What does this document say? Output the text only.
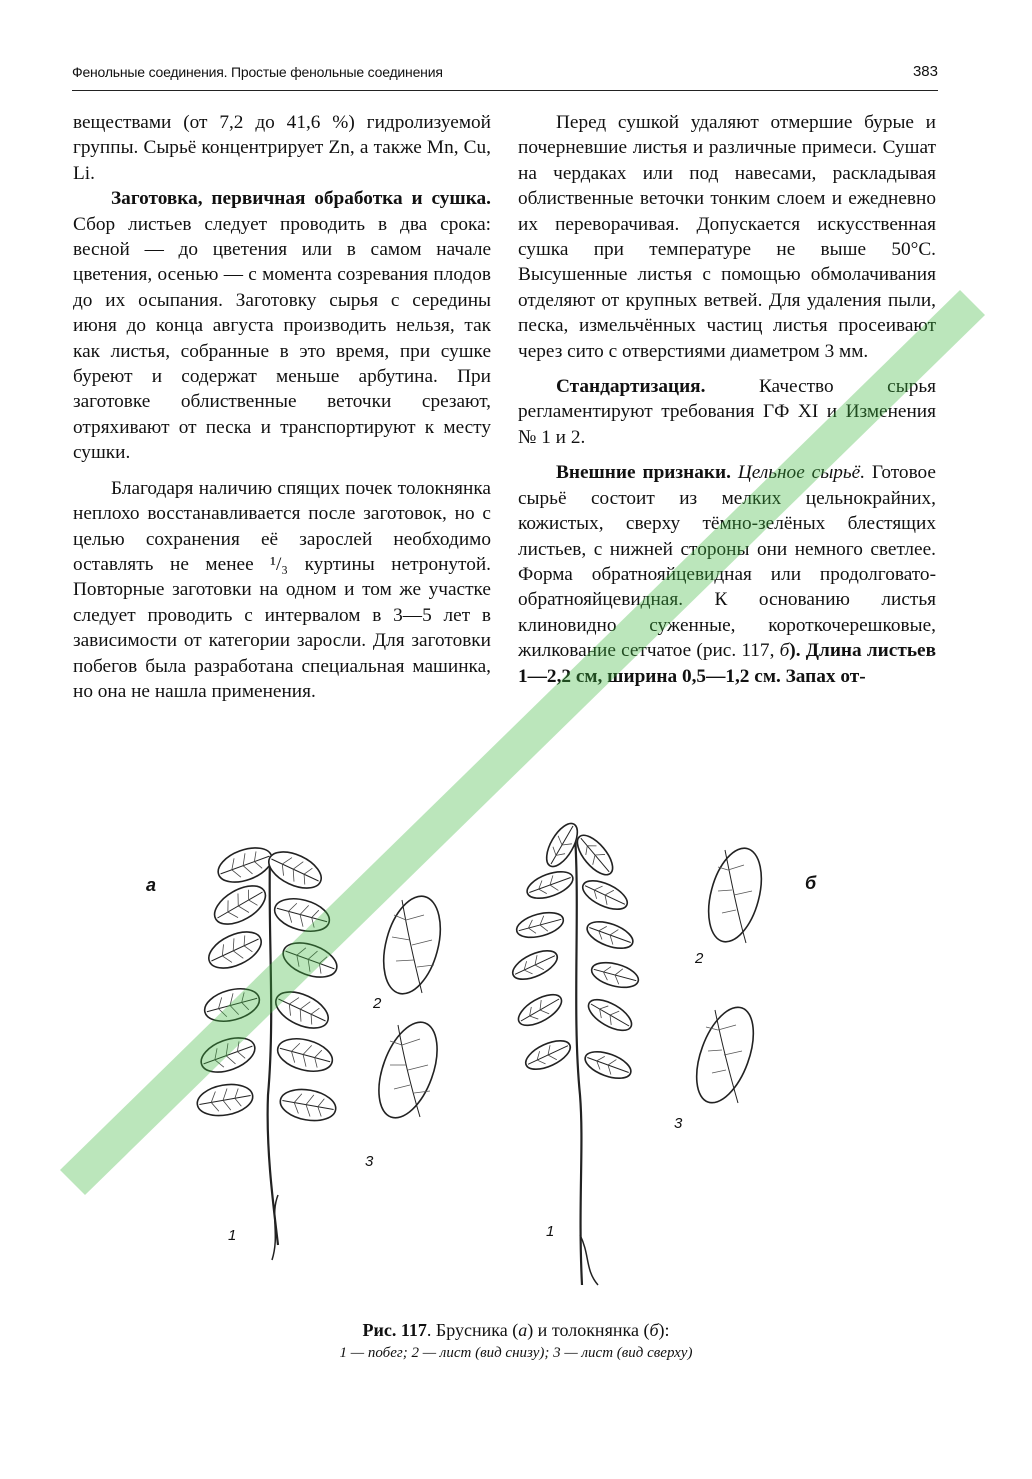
Фенольные соединения. Простые фенольные соединения	383

веществами (от 7,2 до 41,6 %) гидролизуемой группы. Сырьё концентрирует Zn, а также Mn, Cu, Li.

Заготовка, первичная обработка и сушка. Сбор листьев следует проводить в два срока: весной — до цветения или в самом начале цветения, осенью — с момента созревания плодов до их осыпания. Заготовку сырья с середины июня до конца августа производить нельзя, так как листья, собранные в это время, при сушке буреют и содержат меньше арбутина. При заготовке облиственные веточки срезают, отряхивают от песка и транспортируют к месту сушки.

Благодаря наличию спящих почек толокнянка неплохо восстанавливается после заготовок, но с целью сохранения её зарослей необходимо оставлять не менее ¹/₃ куртины нетронутой. Повторные заготовки на одном и том же участке следует проводить с интервалом в 3—5 лет в зависимости от категории заросли. Для заготовки побегов была разработана специальная машинка, но она не нашла применения.

Перед сушкой удаляют отмершие бурые и почерневшие листья и различные примеси. Сушат на чердаках или под навесами, раскладывая облиственные веточки тонким слоем и ежедневно их переворачивая. Допускается искусственная сушка при температуре не выше 50°С. Высушенные листья с помощью обмолачивания отделяют от крупных ветвей. Для удаления пыли, песка, измельчённых частиц листья просеивают через сито с отверстиями диаметром 3 мм.

Стандартизация. Качество сырья регламентируют требования ГФ XI и Изменения № 1 и 2.

Внешние признаки. Цельное сырьё. Готовое сырьё состоит из мелких цельнокрайних, кожистых, сверху тёмно-зелёных блестящих листьев, с нижней стороны они немного светлее. Форма обратнояйцевидная или продолговато-обратнояйцевидная. К основанию листья клиновидно суженные, короткочерешковые, жилкование сетчатое (рис. 117, б). Длина листьев 1—2,2 см, ширина 0,5—1,2 см. Запах от-

а	б
1
2
3
1
2
3
Рис. 117. Брусника (а) и толокнянка (б):
1 — побег; 2 — лист (вид снизу); 3 — лист (вид сверху)
